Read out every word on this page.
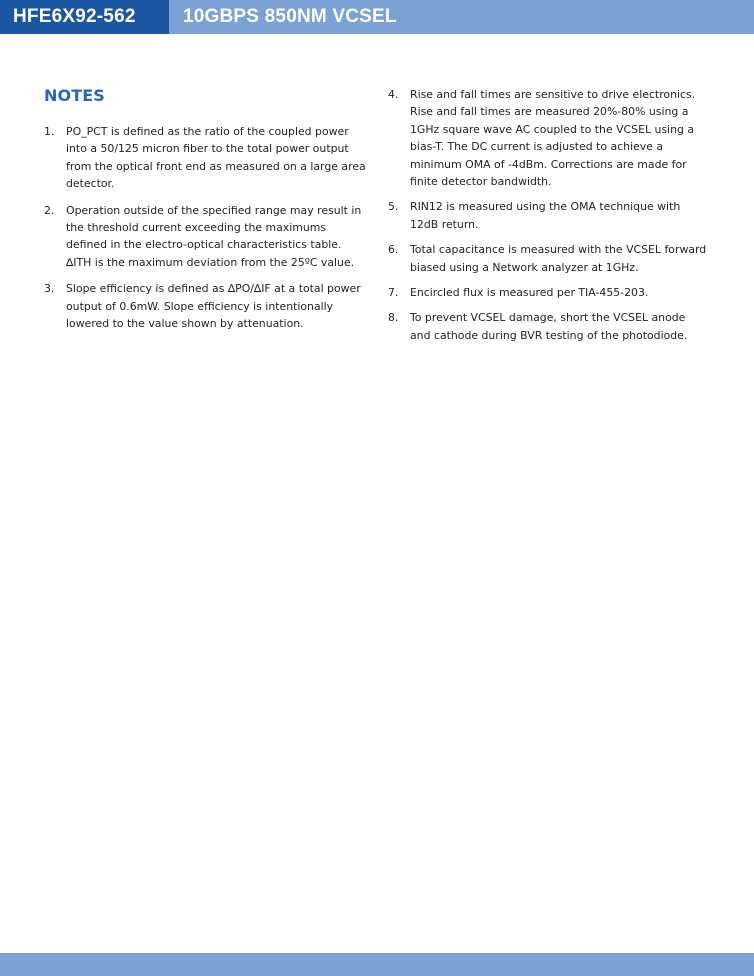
HFE6X92-562 10GBPS 850NM VCSEL
NOTES
1. PO_PCT is defined as the ratio of the coupled power into a 50/125 micron fiber to the total power output from the optical front end as measured on a large area detector.
2. Operation outside of the specified range may result in the threshold current exceeding the maximums defined in the electro-optical characteristics table. ∆ITH is the maximum deviation from the 25ºC value.
3. Slope efficiency is defined as ∆PO/∆IF at a total power output of 0.6mW. Slope efficiency is intentionally lowered to the value shown by attenuation.
4. Rise and fall times are sensitive to drive electronics. Rise and fall times are measured 20%-80% using a 1GHz square wave AC coupled to the VCSEL using a bias-T. The DC current is adjusted to achieve a minimum OMA of -4dBm. Corrections are made for finite detector bandwidth.
5. RIN12 is measured using the OMA technique with 12dB return.
6. Total capacitance is measured with the VCSEL forward biased using a Network analyzer at 1GHz.
7. Encircled flux is measured per TIA-455-203.
8. To prevent VCSEL damage, short the VCSEL anode and cathode during BVR testing of the photodiode.
